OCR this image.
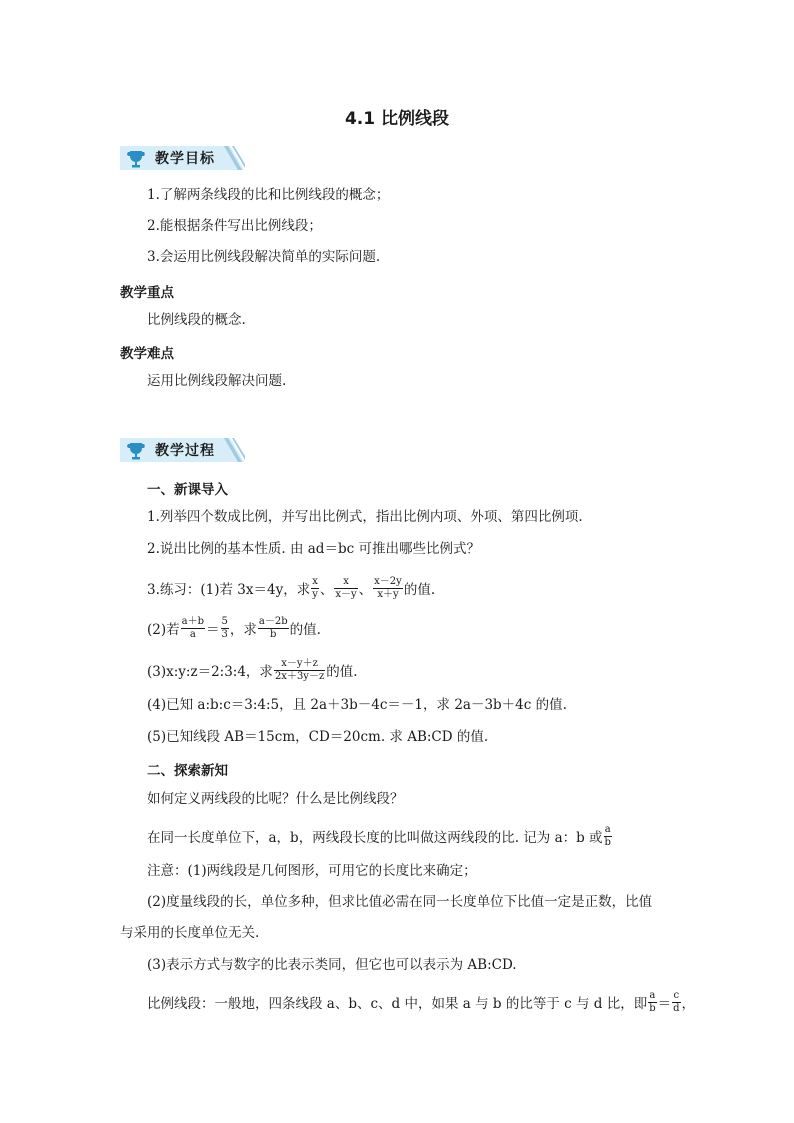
4.1 比例线段
教学目标
1.了解两条线段的比和比例线段的概念；
2.能根据条件写出比例线段；
3.会运用比例线段解决简单的实际问题.
教学重点
比例线段的概念.
教学难点
运用比例线段解决问题.
教学过程
一、新课导入
1.列举四个数成比例，并写出比例式，指出比例内项、外项、第四比例项.
2.说出比例的基本性质. 由 ad＝bc 可推出哪些比例式？
3.练习：(1)若 3x＝4y，求 $\frac{x}{y}$ 、 $\frac{x}{x-y}$ 、 $\frac{x-2y}{x+y}$ 的值.
(2)若 $\frac{a+b}{a} = \frac{5}{3}$ ，求 $\frac{a-2b}{b}$ 的值.
(3)x:y:z＝2:3:4，求 $\frac{x-y+z}{2x+3y-z}$ 的值.
(4)已知 a:b:c＝3:4:5，且 2a＋3b－4c＝－1，求 2a－3b＋4c 的值.
(5)已知线段 AB＝15cm，CD＝20cm. 求 AB:CD 的值.
二、探索新知
如何定义两线段的比呢？什么是比例线段？
在同一长度单位下，a，b，两线段长度的比叫做这两线段的比. 记为 a：b 或 $\frac{a}{b}$
注意：(1)两线段是几何图形，可用它的长度比来确定；
(2)度量线段的长，单位多种，但求比值必需在同一长度单位下比值一定是正数，比值
与采用的长度单位无关.
(3)表示方式与数字的比表示类同，但它也可以表示为 AB:CD.
比例线段：一般地，四条线段 a、b、c、d 中，如果 a 与 b 的比等于 c 与 d 比，即 $\frac{a}{b} = \frac{c}{d}$ ，
